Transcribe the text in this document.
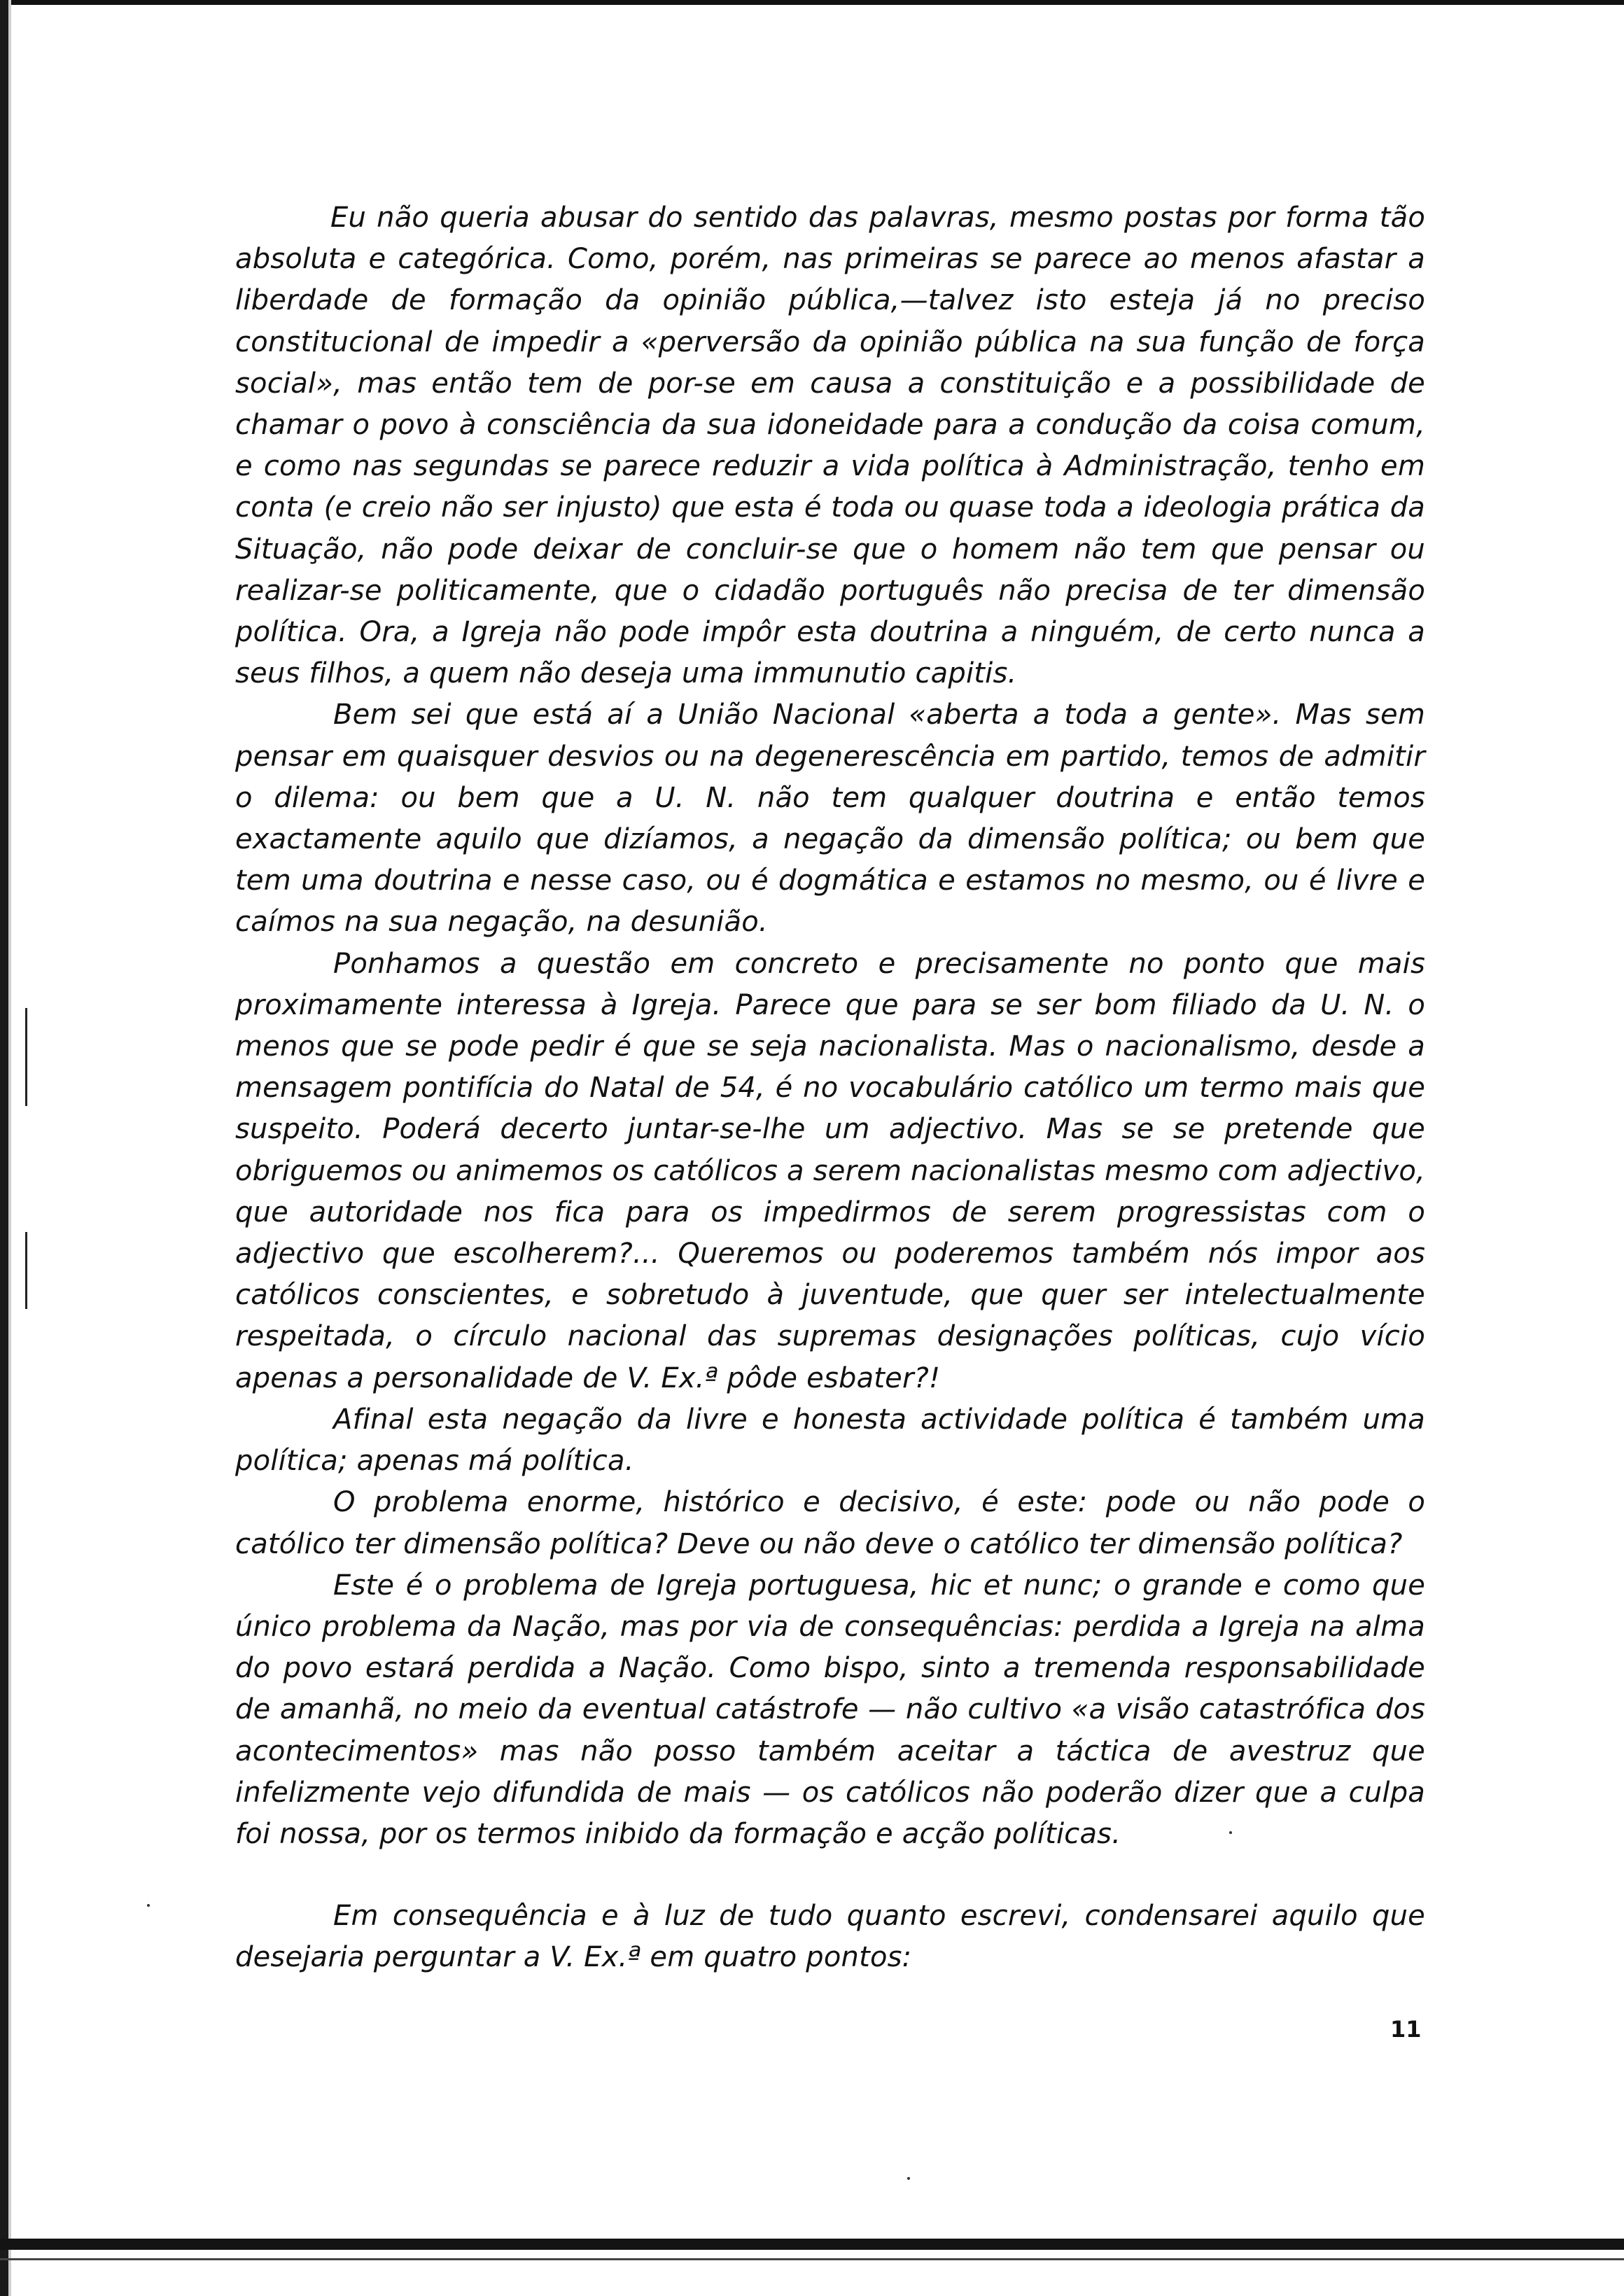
Eu não queria abusar do sentido das palavras, mesmo postas por forma tão absoluta e categórica. Como, porém, nas primeiras se parece ao menos afastar a liberdade de formação da opinião pública,—talvez isto esteja já no preciso constitucional de impedir a «perversão da opinião pública na sua função de força social», mas então tem de por-se em causa a constituição e a possibilidade de chamar o povo à consciência da sua idoneidade para a condução da coisa comum, e como nas segundas se parece reduzir a vida política à Administração, tenho em conta (e creio não ser injusto) que esta é toda ou quase toda a ideologia prática da Situação, não pode deixar de concluir-se que o homem não tem que pensar ou realizar-se politicamente, que o cidadão português não precisa de ter dimensão política. Ora, a Igreja não pode impôr esta doutrina a ninguém, de certo nunca a seus filhos, a quem não deseja uma immunutio capitis.

Bem sei que está aí a União Nacional «aberta a toda a gente». Mas sem pensar em quaisquer desvios ou na degenerescência em partido, temos de admitir o dilema: ou bem que a U. N. não tem qualquer doutrina e então temos exactamente aquilo que dizíamos, a negação da dimensão política; ou bem que tem uma doutrina e nesse caso, ou é dogmática e estamos no mesmo, ou é livre e caímos na sua negação, na desunião.

Ponhamos a questão em concreto e precisamente no ponto que mais proximamente interessa à Igreja. Parece que para se ser bom filiado da U. N. o menos que se pode pedir é que se seja nacionalista. Mas o nacionalismo, desde a mensagem pontifícia do Natal de 54, é no vocabulário católico um termo mais que suspeito. Poderá decerto juntar-se-lhe um adjectivo. Mas se se pretende que obriguemos ou animemos os católicos a serem nacionalistas mesmo com adjectivo, que autoridade nos fica para os impedirmos de serem progressistas com o adjectivo que escolherem?... Queremos ou poderemos também nós impor aos católicos conscientes, e sobretudo à juventude, que quer ser intelectualmente respeitada, o círculo nacional das supremas designações políticas, cujo vício apenas a personalidade de V. Ex.ª pôde esbater?!

Afinal esta negação da livre e honesta actividade política é também uma política; apenas má política.

O problema enorme, histórico e decisivo, é este: pode ou não pode o católico ter dimensão política? Deve ou não deve o católico ter dimensão política?

Este é o problema de Igreja portuguesa, hic et nunc; o grande e como que único problema da Nação, mas por via de consequências: perdida a Igreja na alma do povo estará perdida a Nação. Como bispo, sinto a tremenda responsabilidade de amanhã, no meio da eventual catástrofe — não cultivo «a visão catastrófica dos acontecimentos» mas não posso também aceitar a táctica de avestruz que infelizmente vejo difundida de mais — os católicos não poderão dizer que a culpa foi nossa, por os termos inibido da formação e acção políticas.

Em consequência e à luz de tudo quanto escrevi, condensarei aquilo que desejaria perguntar a V. Ex.ª em quatro pontos:

11
